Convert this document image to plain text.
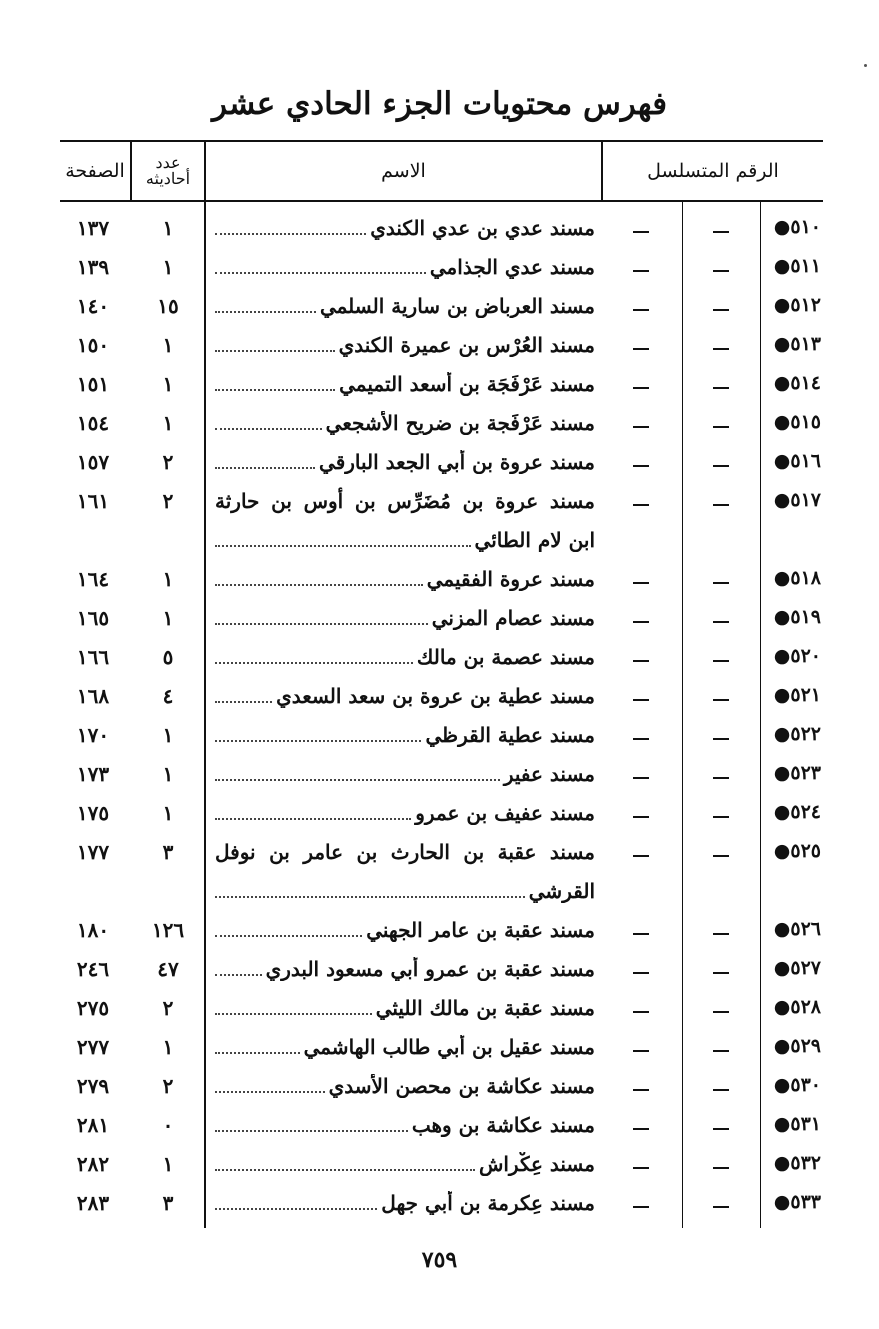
فهرس محتويات الجزء الحادي عشر
الرقم المتسلسل
الاسم
عدد
أحاديثه
الصفحة
٥١٠●
مسند عدي بن عدي الكندي
١
١٣٧
٥١١●
مسند عدي الجذامي
١
١٣٩
٥١٢●
مسند العرباض بن سارية السلمي
١٥
١٤٠
٥١٣●
مسند العُرْس بن عميرة الكندي
١
١٥٠
٥١٤●
مسند عَرْفَجَة بن أسعد التميمي
١
١٥١
٥١٥●
مسند عَرْفَجة بن ضريح الأشجعي
١
١٥٤
٥١٦●
مسند عروة بن أبي الجعد البارقي
٢
١٥٧
٥١٧●
مسند عروة بن مُضَرِّس بن أوس بن حارثة
ابن لام الطائي
٢
١٦١
٥١٨●
مسند عروة الفقيمي
١
١٦٤
٥١٩●
مسند عصام المزني
١
١٦٥
٥٢٠●
مسند عصمة بن مالك
٥
١٦٦
٥٢١●
مسند عطية بن عروة بن سعد السعدي
٤
١٦٨
٥٢٢●
مسند عطية القرظي
١
١٧٠
٥٢٣●
مسند عفير
١
١٧٣
٥٢٤●
مسند عفيف بن عمرو
١
١٧٥
٥٢٥●
مسند عقبة بن الحارث بن عامر بن نوفل
القرشي
٣
١٧٧
٥٢٦●
مسند عقبة بن عامر الجهني
١٢٦
١٨٠
٥٢٧●
مسند عقبة بن عمرو أبي مسعود البدري
٤٧
٢٤٦
٥٢٨●
مسند عقبة بن مالك الليثي
٢
٢٧٥
٥٢٩●
مسند عقيل بن أبي طالب الهاشمي
١
٢٧٧
٥٣٠●
مسند عكاشة بن محصن الأسدي
٢
٢٧٩
٥٣١●
مسند عكاشة بن وهب
٠
٢٨١
٥٣٢●
مسند عِكْراش
١
٢٨٢
٥٣٣●
مسند عِكرمة بن أبي جهل
٣
٢٨٣
٧٥٩
